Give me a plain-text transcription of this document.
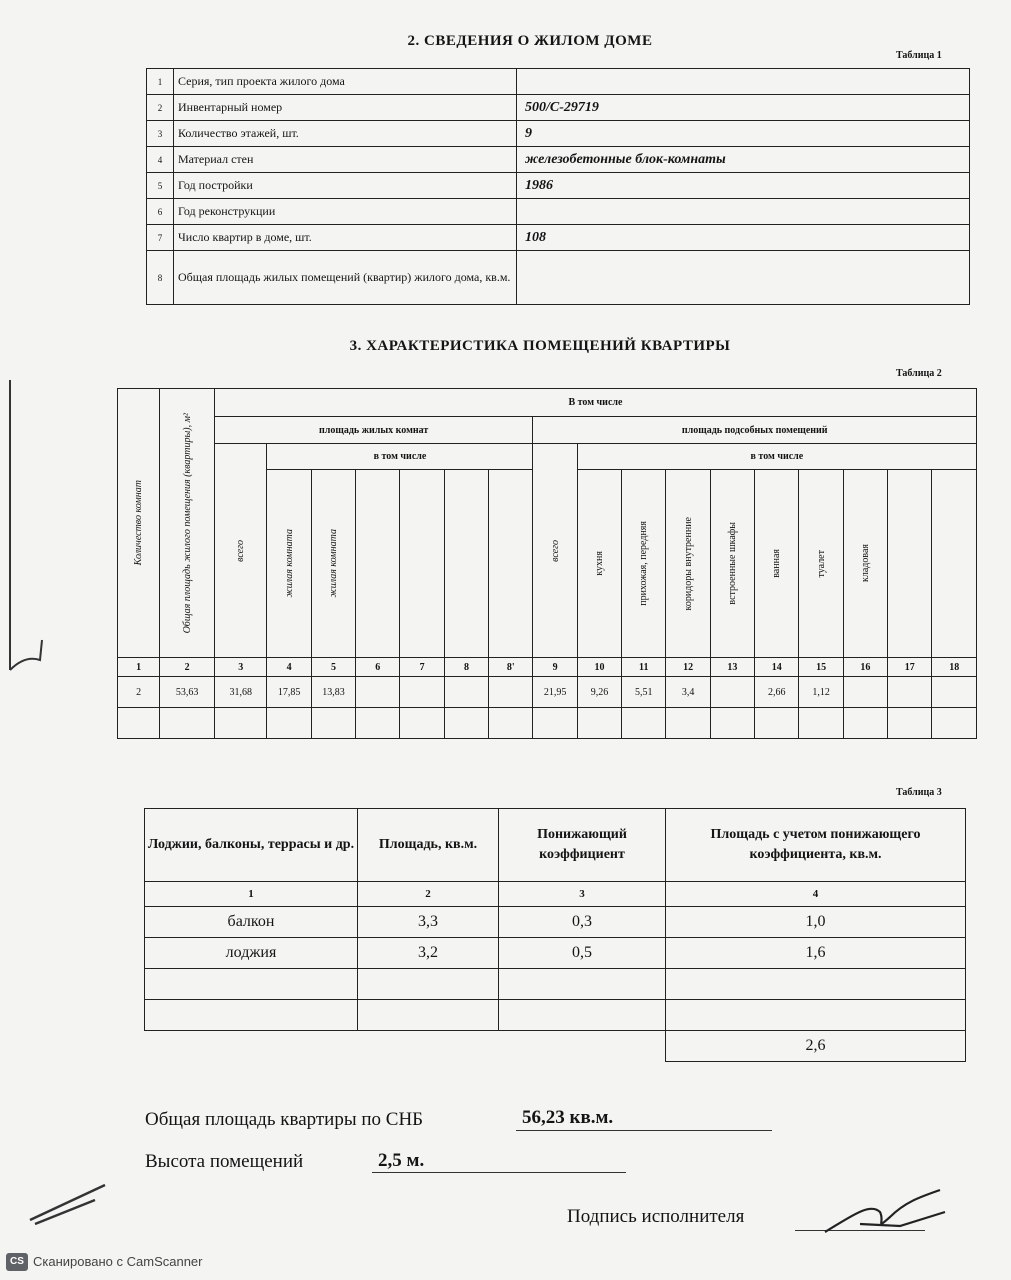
2. СВЕДЕНИЯ О ЖИЛОМ ДОМЕ
Таблица 1
1	Серия, тип проекта жилого дома	
2	Инвентарный номер	500/С-29719
3	Количество этажей, шт.	9
4	Материал стен	железобетонные блок-комнаты
5	Год постройки	1986
6	Год реконструкции	
7	Число квартир в доме, шт.	108
8	Общая площадь жилых помещений (квартир) жилого дома, кв.м.	
3. ХАРАКТЕРИСТИКА ПОМЕЩЕНИЙ КВАРТИРЫ
Таблица 2
Количество комнат	Общая площадь жилого помещения (квартиры), м²	В том числе																
		площадь жилых комнат							площадь подсобных помещений									

		всего	в том числе						всего	в том числе								

			жилая комната	жилая комната						кухня	прихожая, передняя	коридоры внутренние	встроенные шкафы	ванная	туалет	кладовая		

1	2	3	4	5	6	7	8	8'	9	10	11	12	13	14	15	16	17	18
2	53,63	31,68	17,85	13,83					21,95	9,26	5,51	3,4		2,66	1,12			

Таблица 3
Лоджии, балконы, террасы и др.	Площадь, кв.м.	Понижающий коэффициент	Площадь с учетом понижающего коэффициента, кв.м.
1	2	3	4
балкон	3,3	0,3	1,0
лоджия	3,2	0,5	1,6

			2,6
Общая площадь квартиры по СНБ	56,23 кв.м.
Высота помещений	2,5 м.
Подпись исполнителя
CS Сканировано с CamScanner
